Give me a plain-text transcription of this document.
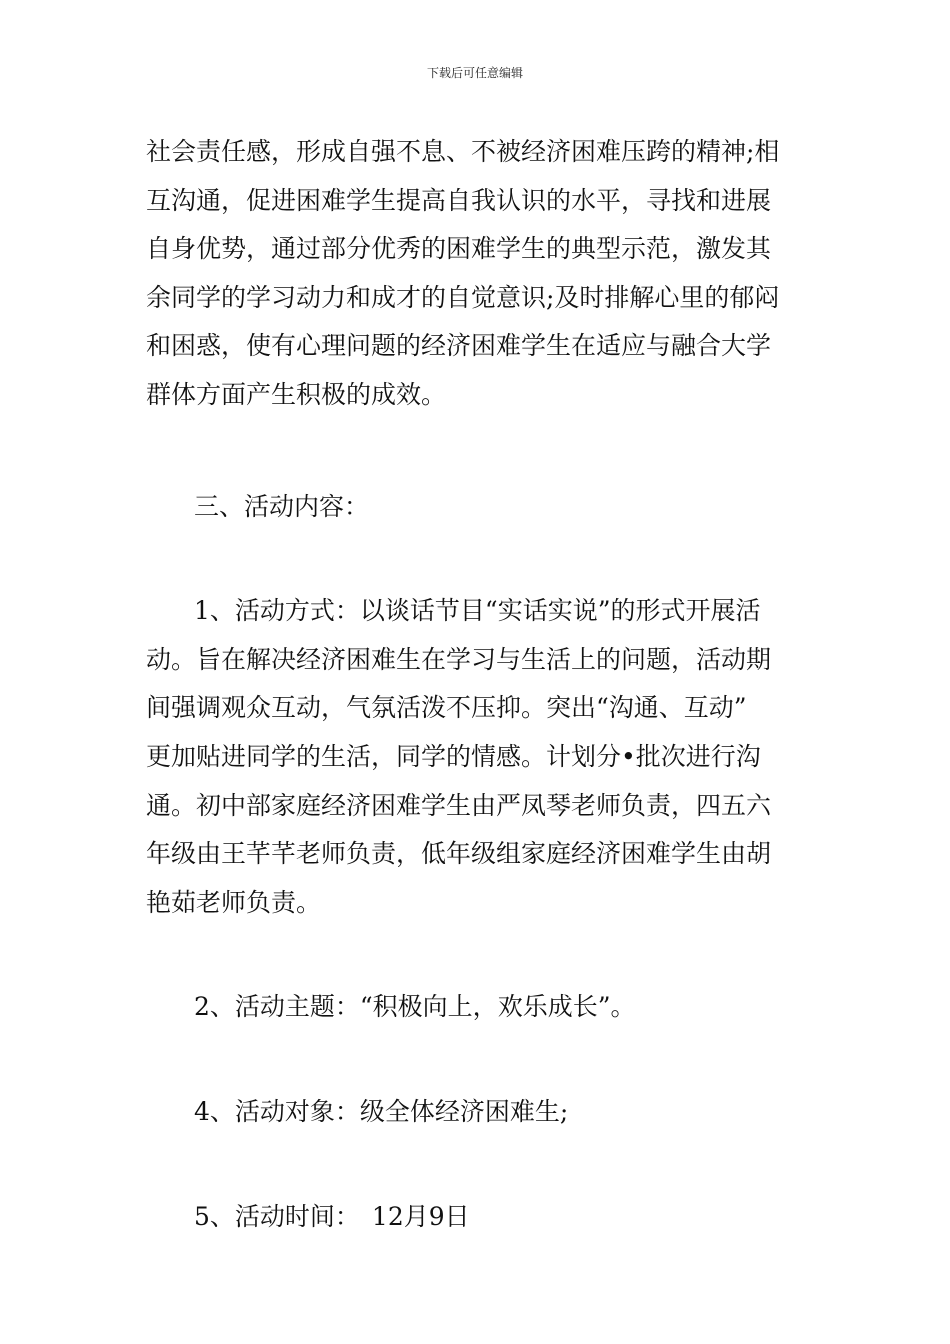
下载后可任意编辑
社会责任感，形成自强不息、不被经济困难压跨的精神;相
互沟通，促进困难学生提高自我认识的水平，寻找和进展
自身优势，通过部分优秀的困难学生的典型示范，激发其
余同学的学习动力和成才的自觉意识;及时排解心里的郁闷
和困惑，使有心理问题的经济困难学生在适应与融合大学
群体方面产生积极的成效。
三、活动内容：
1、活动方式：以谈话节目“实话实说”的形式开展活
动。旨在解决经济困难生在学习与生活上的问题，活动期
间强调观众互动，气氛活泼不压抑。突出“沟通、互动”
更加贴进同学的生活，同学的情感。计划分•批次进行沟
通。初中部家庭经济困难学生由严凤琴老师负责，四五六
年级由王芊芊老师负责，低年级组家庭经济困难学生由胡
艳茹老师负责。
2、活动主题：“积极向上，欢乐成长”。
4、活动对象：级全体经济困难生;
5、活动时间： 12月9日
